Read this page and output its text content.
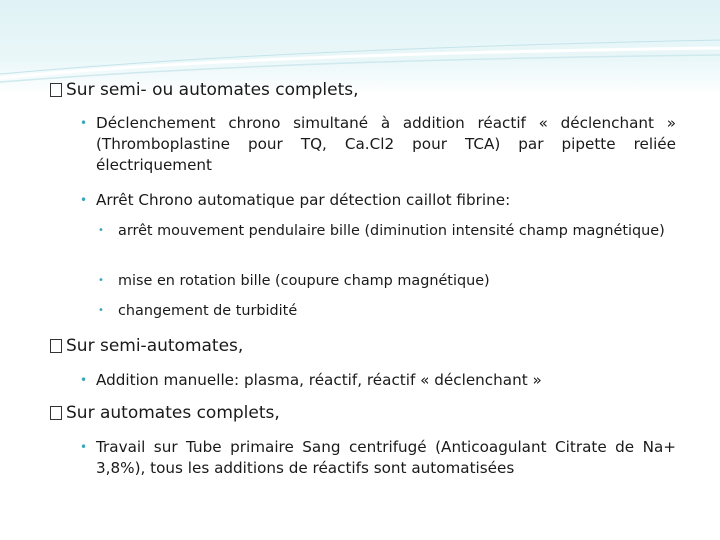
Sur semi- ou automates complets,
• Déclenchement chrono simultané à addition réactif « déclenchant » (Thromboplastine pour TQ, Ca.Cl2 pour TCA) par pipette reliée électriquement
• Arrêt Chrono automatique par détection caillot fibrine:
• arrêt mouvement pendulaire bille (diminution intensité champ magnétique)
• mise en rotation bille (coupure champ magnétique)
• changement de turbidité
Sur semi-automates,
• Addition manuelle: plasma, réactif, réactif « déclenchant »
Sur automates complets,
• Travail sur Tube primaire Sang centrifugé (Anticoagulant Citrate de Na+ 3,8%), tous les additions de réactifs sont automatisées
